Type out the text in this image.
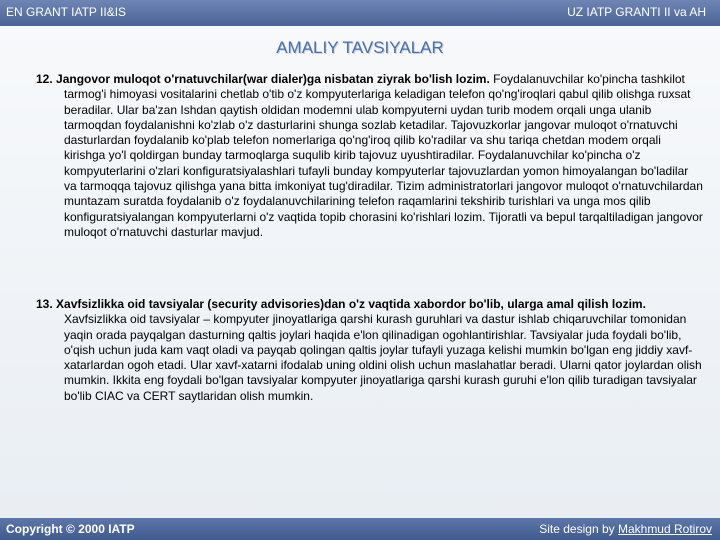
EN GRANT IATP II&IS	UZ IATP GRANTI II va AH
AMALIY TAVSIYALAR

12. Jangovor muloqot o'rnatuvchilar(war dialer)ga nisbatan ziyrak bo'lish lozim. Foydalanuvchilar ko'pincha tashkilot tarmog'i himoyasi vositalarini chetlab o'tib o'z kompyuterlariga keladigan telefon qo'ng'iroqlari qabul qilib olishga ruxsat beradilar. Ular ba'zan Ishdan qaytish oldidan modemni ulab kompyuterni uydan turib modem orqali unga ulanib tarmoqdan foydalanishni ko'zlab o'z dasturlarini shunga sozlab ketadilar. Tajovuzkorlar jangovar muloqot o'rnatuvchi dasturlardan foydalanib ko'plab telefon nomerlariga qo'ng'iroq qilib ko'radilar va shu tariqa chetdan modem orqali kirishga yo'l qoldirgan bunday tarmoqlarga suqulib kirib tajovuz uyushtiradilar. Foydalanuvchilar ko'pincha o'z kompyuterlarini o'zlari konfiguratsiyalashlari tufayli bunday kompyuterlar tajovuzlardan yomon himoyalangan bo'ladilar va tarmoqqa tajovuz qilishga yana bitta imkoniyat tug'diradilar. Tizim administratorlari jangovor muloqot o'rnatuvchilardan muntazam suratda foydalanib o'z foydalanuvchilarining telefon raqamlarini tekshirib turishlari va unga mos qilib konfiguratsiyalangan kompyuterlarni o'z vaqtida topib chorasini ko'rishlari lozim. Tijoratli va bepul tarqaltiladigan jangovor muloqot o'rnatuvchi dasturlar mavjud.

13. Xavfsizlikka oid tavsiyalar (security advisories)dan o'z vaqtida xabordor bo'lib, ularga amal qilish lozim. Xavfsizlikka oid tavsiyalar – kompyuter jinoyatlariga qarshi kurash guruhlari va dastur ishlab chiqaruvchilar tomonidan yaqin orada payqalgan dasturning qaltis joylari haqida e'lon qilinadigan ogohlantirishlar. Tavsiyalar juda foydali bo'lib, o'qish uchun juda kam vaqt oladi va payqab qolingan qaltis joylar tufayli yuzaga kelishi mumkin bo'lgan eng jiddiy xavf-xatarlardan ogoh etadi. Ular xavf-xatarni ifodalab uning oldini olish uchun maslahatlar beradi. Ularni qator joylardan olish mumkin. Ikkita eng foydali bo'lgan tavsiyalar kompyuter jinoyatlariga qarshi kurash guruhi e'lon qilib turadigan tavsiyalar bo'lib CIAC va CERT saytlaridan olish mumkin.

Copyright © 2000 IATP	Site design by Makhmud Rotirov
